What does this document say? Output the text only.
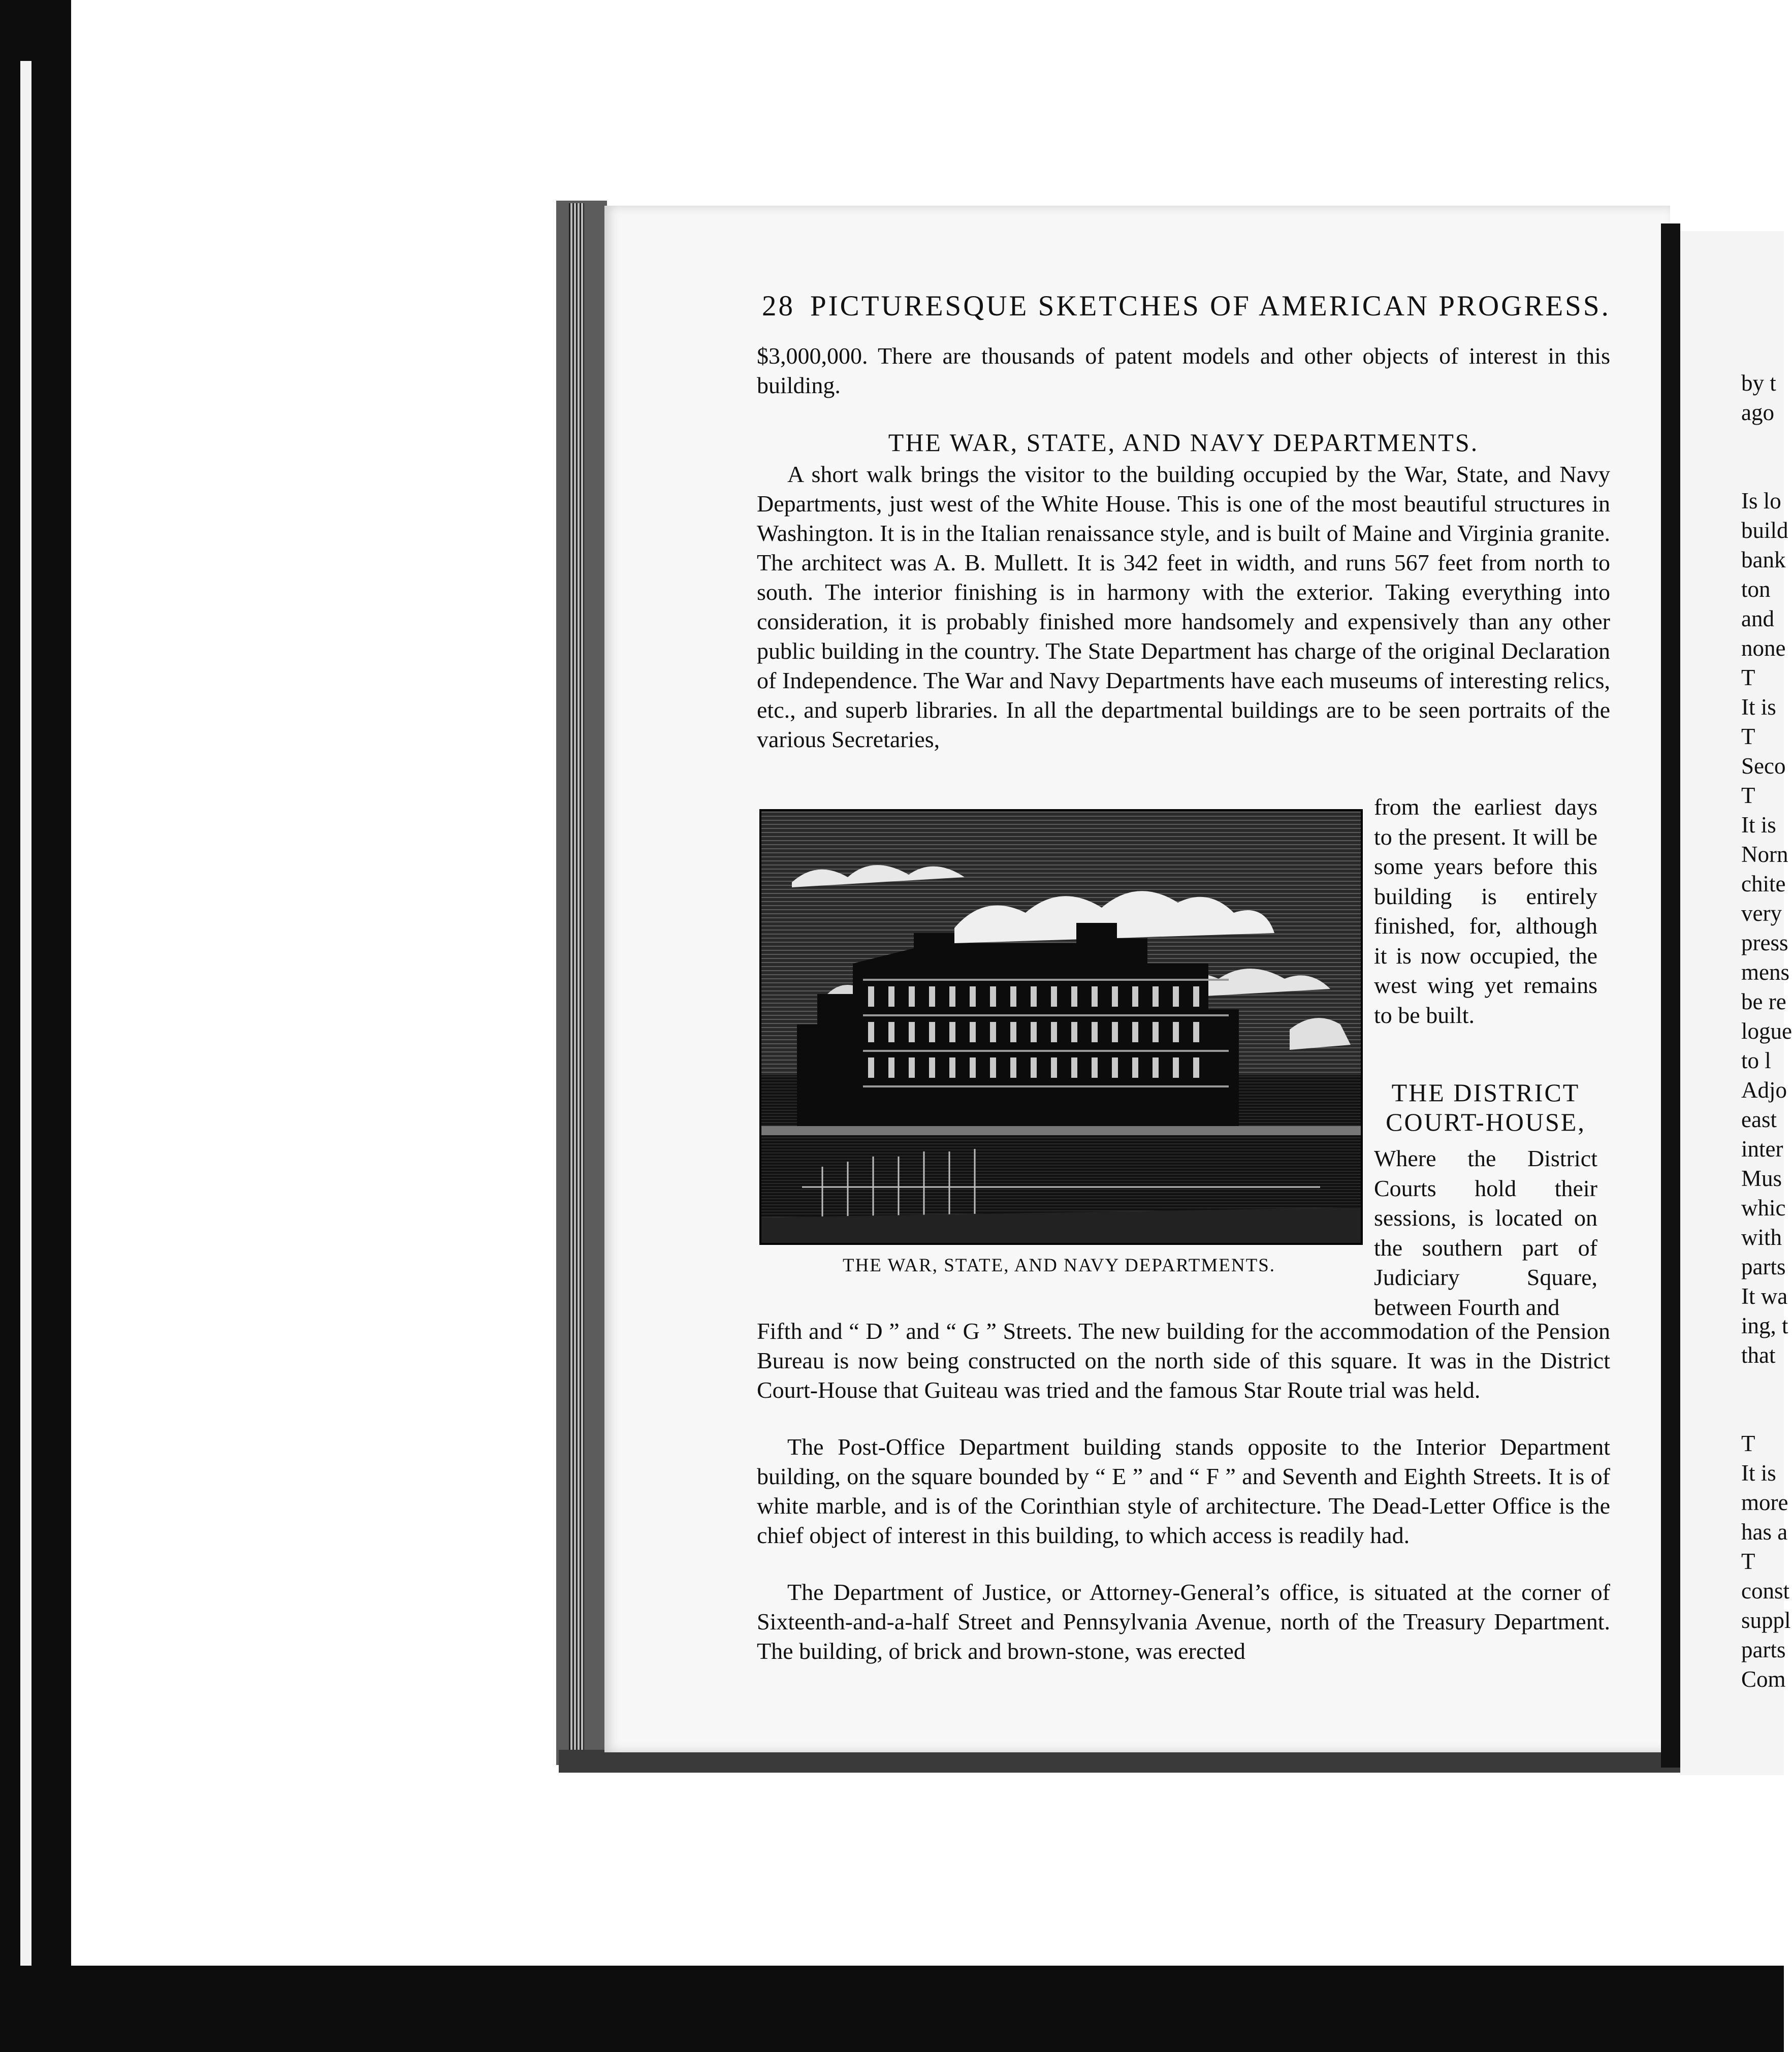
by t
ago

Is lo
build
bank
ton
and
none
T
It is
T
Seco
T
It is
Norn
chite
very
press
mens
be re
logue
to l
Adjo
east
inter
Mus
whic
with
parts
It wa
ing, t
that

T
It is
more
has a
T
const
suppl
parts
Com
28 PICTURESQUE SKETCHES OF AMERICAN PROGRESS.
$3,000,000. There are thousands of patent models and other objects of interest in this building.
THE WAR, STATE, AND NAVY DEPARTMENTS.
A short walk brings the visitor to the building occupied by the War, State, and Navy Departments, just west of the White House. This is one of the most beautiful structures in Washington. It is in the Italian renaissance style, and is built of Maine and Virginia granite. The architect was A. B. Mullett. It is 342 feet in width, and runs 567 feet from north to south. The interior finishing is in harmony with the exterior. Taking everything into consideration, it is probably finished more handsomely and expensively than any other public building in the country. The State Department has charge of the original Declaration of Independence. The War and Navy Departments have each museums of interesting relics, etc., and superb libraries. In all the departmental buildings are to be seen portraits of the various Secretaries,
THE WAR, STATE, AND NAVY DEPARTMENTS.
from the earliest days to the present. It will be some years before this building is entirely finished, for, although it is now occupied, the west wing yet remains to be built.
THE DISTRICT
COURT-HOUSE,
Where the District Courts hold their sessions, is located on the southern part of Judiciary Square, between Fourth and
Fifth and “ D ” and “ G ” Streets. The new building for the accommodation of the Pension Bureau is now being constructed on the north side of this square. It was in the District Court-House that Guiteau was tried and the famous Star Route trial was held.
The Post-Office Department building stands opposite to the Interior Department building, on the square bounded by “ E ” and “ F ” and Seventh and Eighth Streets. It is of white marble, and is of the Corinthian style of architecture. The Dead-Letter Office is the chief object of interest in this building, to which access is readily had.
The Department of Justice, or Attorney-General’s office, is situated at the corner of Sixteenth-and-a-half Street and Pennsylvania Avenue, north of the Treasury Department. The building, of brick and brown-stone, was erected
